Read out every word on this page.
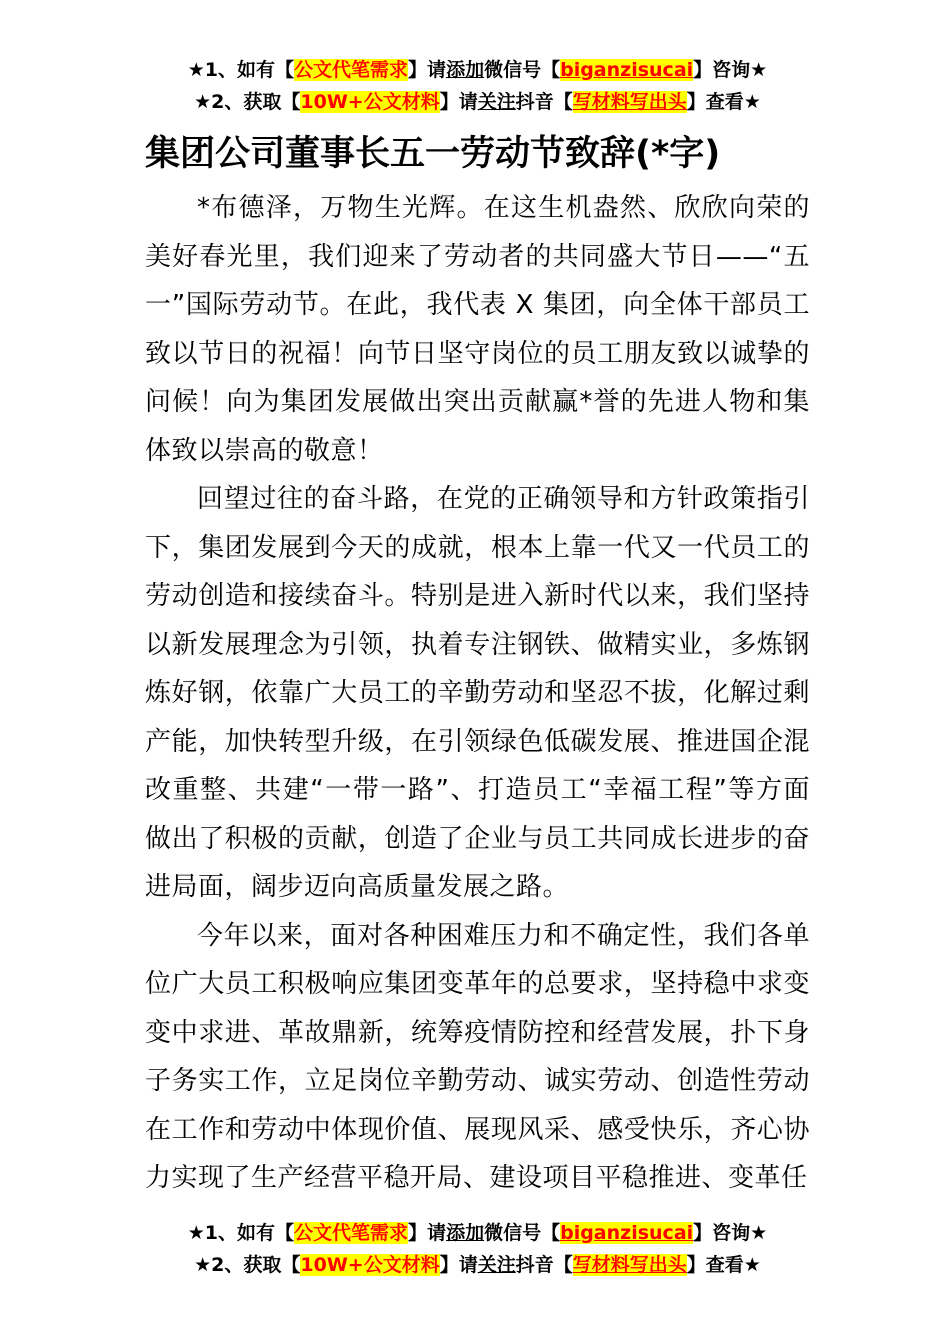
★1、如有【公文代笔需求】请添加微信号【biganzisucai】咨询★
★2、获取【10W+公文材料】请关注抖音【写材料写出头】查看★
集团公司董事长五一劳动节致辞(*字)

*布德泽，万物生光辉。在这生机盎然、欣欣向荣的美好春光里，我们迎来了劳动者的共同盛大节日——“五一”国际劳动节。在此，我代表 X 集团，向全体干部员工致以节日的祝福！向节日坚守岗位的员工朋友致以诚挚的问候！向为集团发展做出突出贡献赢*誉的先进人物和集体致以崇高的敬意！

回望过往的奋斗路，在党的正确领导和方针政策指引下，集团发展到今天的成就，根本上靠一代又一代员工的劳动创造和接续奋斗。特别是进入新时代以来，我们坚持以新发展理念为引领，执着专注钢铁、做精实业，多炼钢炼好钢，依靠广大员工的辛勤劳动和坚忍不拔，化解过剩产能，加快转型升级，在引领绿色低碳发展、推进国企混改重整、共建“一带一路”、打造员工“幸福工程”等方面做出了积极的贡献，创造了企业与员工共同成长进步的奋进局面，阔步迈向高质量发展之路。

今年以来，面对各种困难压力和不确定性，我们各单位广大员工积极响应集团变革年的总要求，坚持稳中求变变中求进、革故鼎新，统筹疫情防控和经营发展，扑下身子务实工作，立足岗位辛勤劳动、诚实劳动、创造性劳动在工作和劳动中体现价值、展现风采、感受快乐，齐心协力实现了生产经营平稳开局、建设项目平稳推进、变革任

★1、如有【公文代笔需求】请添加微信号【biganzisucai】咨询★
★2、获取【10W+公文材料】请关注抖音【写材料写出头】查看★
